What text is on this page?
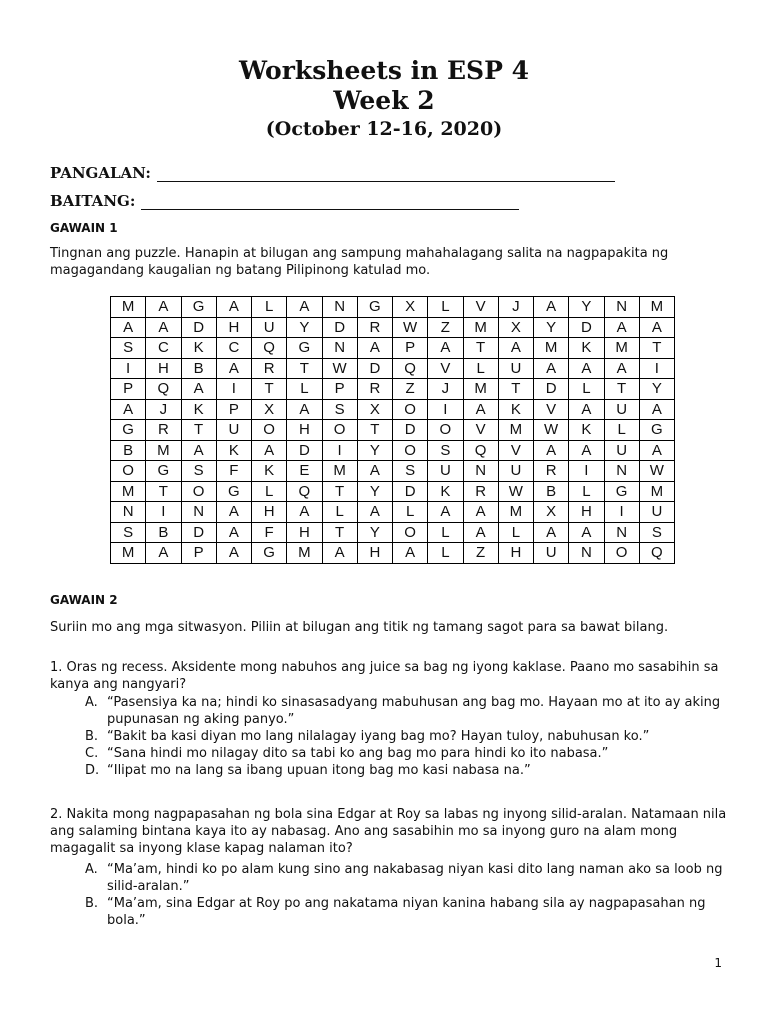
Worksheets in ESP 4
Week 2
(October 12-16, 2020)
PANGALAN:
BAITANG:
GAWAIN 1

Tingnan ang puzzle. Hanapin at bilugan ang sampung mahahalagang salita na nagpapakita ng magagandang kaugalian ng batang Pilipinong katulad mo.

M	A	G	A	L	A	N	G	X	L	V	J	A	Y	N	M
A	A	D	H	U	Y	D	R	W	Z	M	X	Y	D	A	A
S	C	K	C	Q	G	N	A	P	A	T	A	M	K	M	T
I	H	B	A	R	T	W	D	Q	V	L	U	A	A	A	I
P	Q	A	I	T	L	P	R	Z	J	M	T	D	L	T	Y
A	J	K	P	X	A	S	X	O	I	A	K	V	A	U	A
G	R	T	U	O	H	O	T	D	O	V	M	W	K	L	G
B	M	A	K	A	D	I	Y	O	S	Q	V	A	A	U	A
O	G	S	F	K	E	M	A	S	U	N	U	R	I	N	W
M	T	O	G	L	Q	T	Y	D	K	R	W	B	L	G	M
N	I	N	A	H	A	L	A	L	A	A	M	X	H	I	U
S	B	D	A	F	H	T	Y	O	L	A	L	A	A	N	S
M	A	P	A	G	M	A	H	A	L	Z	H	U	N	O	Q
GAWAIN 2

Suriin mo ang mga sitwasyon. Piliin at bilugan ang titik ng tamang sagot para sa bawat bilang.

1. Oras ng recess. Aksidente mong nabuhos ang juice sa bag ng iyong kaklase. Paano mo sasabihin sa kanya ang nangyari?

A. “Pasensiya ka na; hindi ko sinasasadyang mabuhusan ang bag mo. Hayaan mo at ito ay aking pupunasan ng aking panyo.”
B. “Bakit ba kasi diyan mo lang nilalagay iyang bag mo? Hayan tuloy, nabuhusan ko.”
C. “Sana hindi mo nilagay dito sa tabi ko ang bag mo para hindi ko ito nabasa.”
D. “Ilipat mo na lang sa ibang upuan itong bag mo kasi nabasa na.”

2. Nakita mong nagpapasahan ng bola sina Edgar at Roy sa labas ng inyong silid-aralan. Natamaan nila ang salaming bintana kaya ito ay nabasag. Ano ang sasabihin mo sa inyong guro na alam mong magagalit sa inyong klase kapag nalaman ito?

A. “Ma’am, hindi ko po alam kung sino ang nakabasag niyan kasi dito lang naman ako sa loob ng silid-aralan.”
B. “Ma’am, sina Edgar at Roy po ang nakatama niyan kanina habang sila ay nagpapasahan ng bola.”
1
